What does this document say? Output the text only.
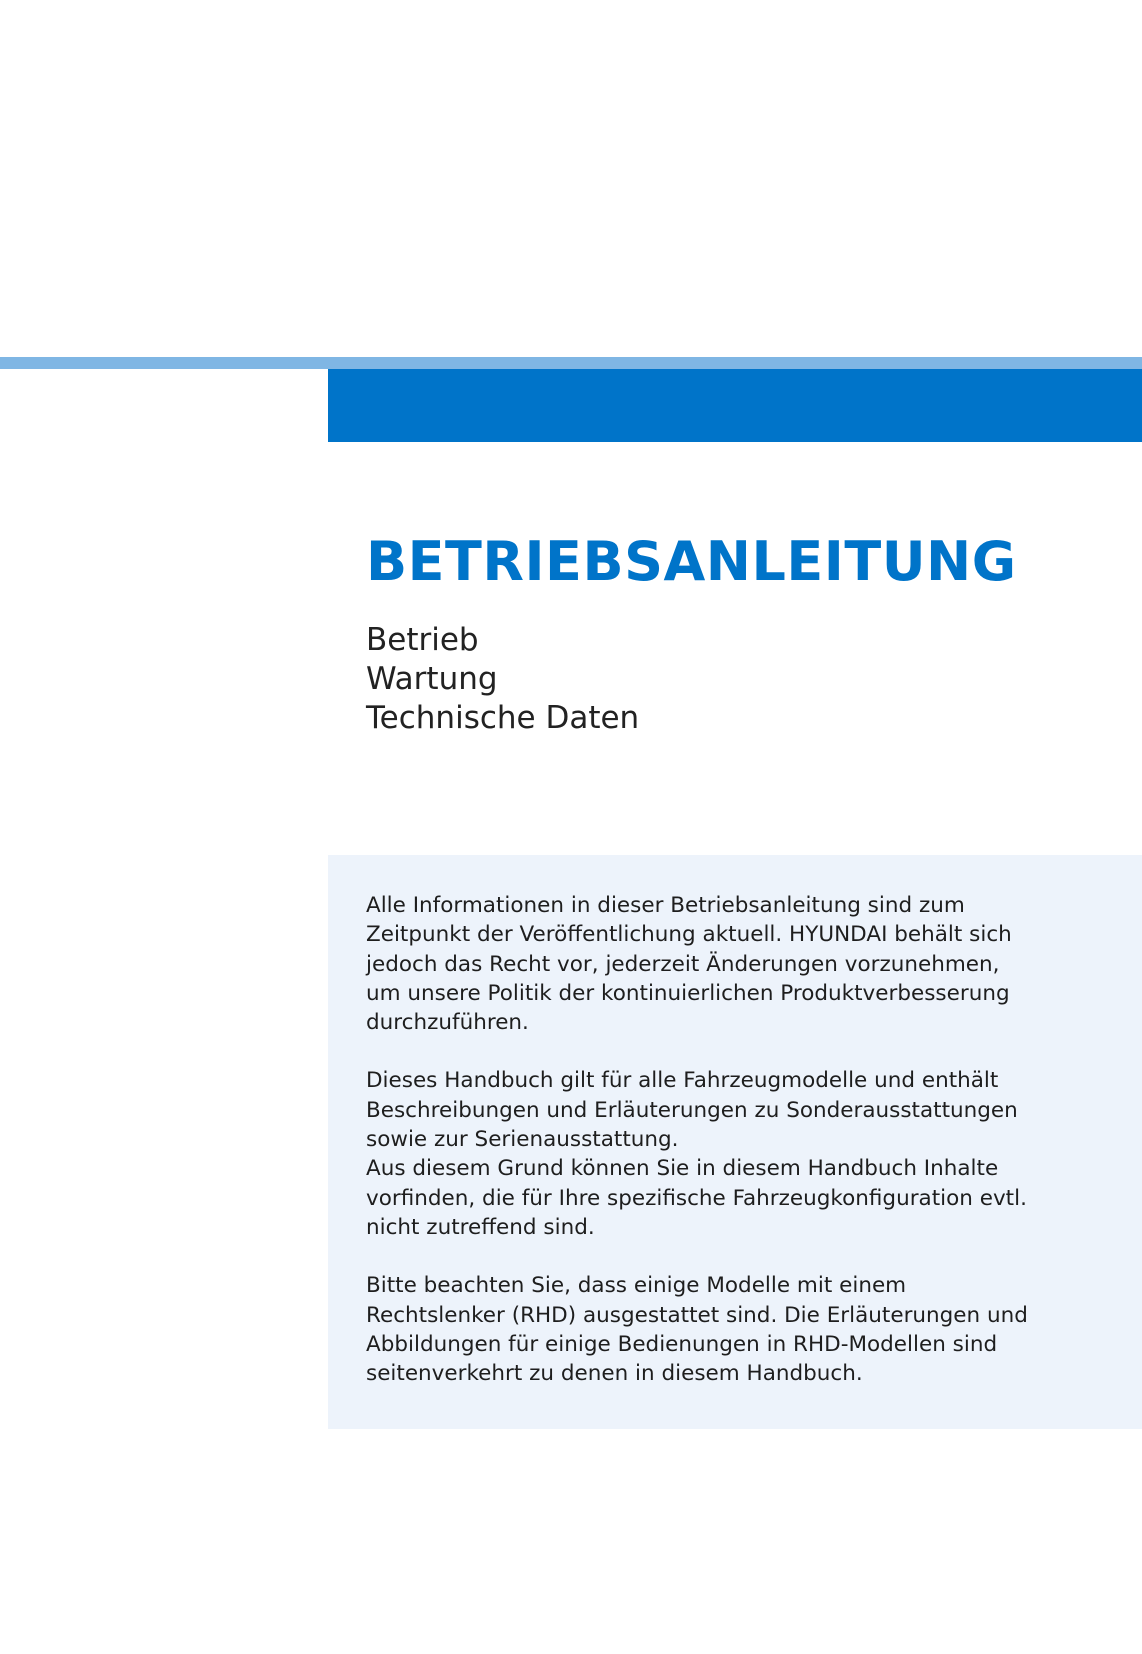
BETRIEBSANLEITUNG
Betrieb
Wartung
Technische Daten

Alle Informationen in dieser Betriebsanleitung sind zum
Zeitpunkt der Veröffentlichung aktuell. HYUNDAI behält sich
jedoch das Recht vor, jederzeit Änderungen vorzunehmen,
um unsere Politik der kontinuierlichen Produktverbesserung
durchzuführen.

Dieses Handbuch gilt für alle Fahrzeugmodelle und enthält
Beschreibungen und Erläuterungen zu Sonderausstattungen
sowie zur Serienausstattung.

Aus diesem Grund können Sie in diesem Handbuch Inhalte
vorfinden, die für Ihre spezifische Fahrzeugkonfiguration evtl.
nicht zutreffend sind.

Bitte beachten Sie, dass einige Modelle mit einem
Rechtslenker (RHD) ausgestattet sind. Die Erläuterungen und
Abbildungen für einige Bedienungen in RHD-Modellen sind
seitenverkehrt zu denen in diesem Handbuch.
